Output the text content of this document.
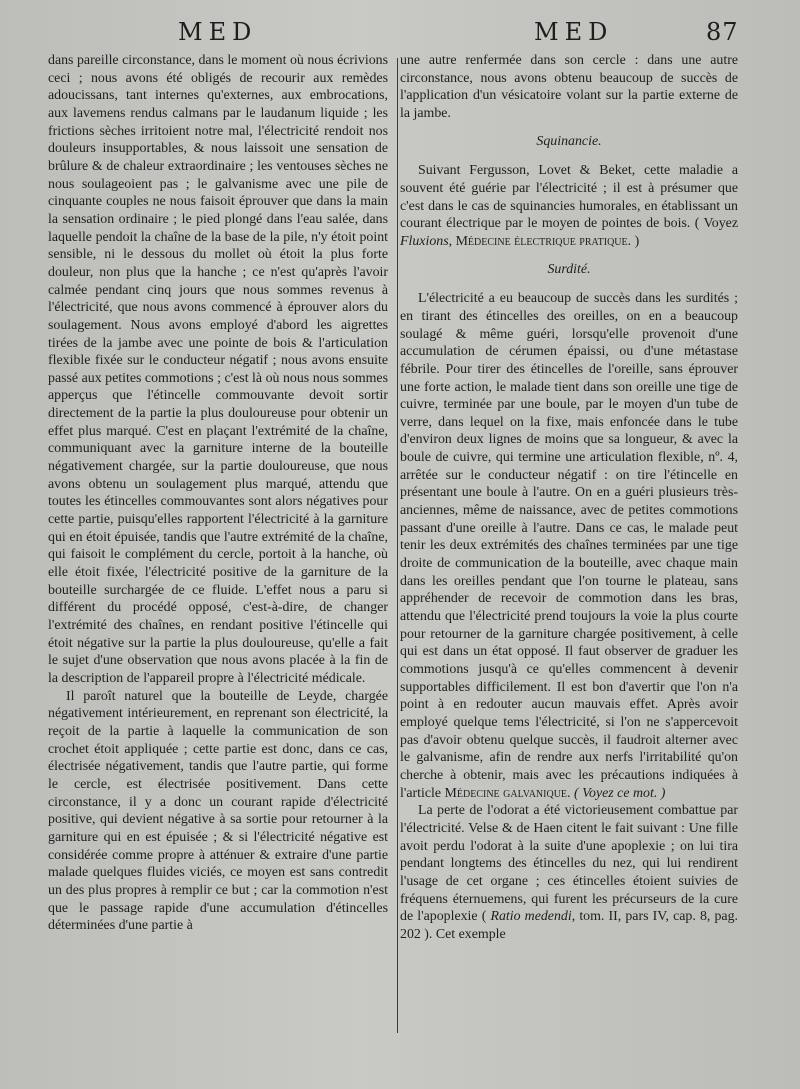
MED	MED	87

dans pareille circonstance, dans le moment où nous écrivions ceci ; nous avons été obligés de recourir aux remèdes adoucissans, tant internes qu'externes, aux embrocations, aux lavemens rendus calmans par le laudanum liquide ; les frictions sèches irritoient notre mal, l'électricité rendoit nos douleurs insupportables, & nous laissoit une sensation de brûlure & de chaleur extraordinaire ; les ventouses sèches ne nous soulageoient pas ; le galvanisme avec une pile de cinquante couples ne nous faisoit éprouver que dans la main la sensation ordinaire ; le pied plongé dans l'eau salée, dans laquelle pendoit la chaîne de la base de la pile, n'y étoit point sensible, ni le dessous du mollet où étoit la plus forte douleur, non plus que la hanche ; ce n'est qu'après l'avoir calmée pendant cinq jours que nous sommes revenus à l'électricité, que nous avons commencé à éprouver alors du soulagement. Nous avons employé d'abord les aigrettes tirées de la jambe avec une pointe de bois & l'articulation flexible fixée sur le conducteur négatif ; nous avons ensuite passé aux petites commotions ; c'est là où nous nous sommes apperçus que l'étincelle commouvante devoit sortir directement de la partie la plus douloureuse pour obtenir un effet plus marqué. C'est en plaçant l'extrémité de la chaîne, communiquant avec la garniture interne de la bouteille négativement chargée, sur la partie douloureuse, que nous avons obtenu un soulagement plus marqué, attendu que toutes les étincelles commouvantes sont alors négatives pour cette partie, puisqu'elles rapportent l'électricité à la garniture qui en étoit épuisée, tandis que l'autre extrémité de la chaîne, qui faisoit le complément du cercle, portoit à la hanche, où elle étoit fixée, l'électricité positive de la garniture de la bouteille surchargée de ce fluide. L'effet nous a paru si différent du procédé opposé, c'est-à-dire, de changer l'extrémité des chaînes, en rendant positive l'étincelle qui étoit négative sur la partie la plus douloureuse, qu'elle a fait le sujet d'une observation que nous avons placée à la fin de la description de l'appareil propre à l'électricité médicale.

Il paroît naturel que la bouteille de Leyde, chargée négativement intérieurement, en reprenant son électricité, la reçoit de la partie à laquelle la communication de son crochet étoit appliquée ; cette partie est donc, dans ce cas, électrisée négativement, tandis que l'autre partie, qui forme le cercle, est électrisée positivement. Dans cette circonstance, il y a donc un courant rapide d'électricité positive, qui devient négative à sa sortie pour retourner à la garniture qui en est épuisée ; & si l'électricité négative est considérée comme propre à atténuer & extraire d'une partie malade quelques fluides viciés, ce moyen est sans contredit un des plus propres à remplir ce but ; car la commotion n'est que le passage rapide d'une accumulation d'étincelles déterminées d'une partie à

une autre renfermée dans son cercle : dans une autre circonstance, nous avons obtenu beaucoup de succès de l'application d'un vésicatoire volant sur la partie externe de la jambe.

Squinancie.

Suivant Fergusson, Lovet & Beket, cette maladie a souvent été guérie par l'électricité ; il est à présumer que c'est dans le cas de squinancies humorales, en établissant un courant électrique par le moyen de pointes de bois. ( Voyez Fluxions, Médecine électrique pratique. )

Surdité.

L'électricité a eu beaucoup de succès dans les surdités ; en tirant des étincelles des oreilles, on en a beaucoup soulagé & même guéri, lorsqu'elle provenoit d'une accumulation de cérumen épaissi, ou d'une métastase fébrile. Pour tirer des étincelles de l'oreille, sans éprouver une forte action, le malade tient dans son oreille une tige de cuivre, terminée par une boule, par le moyen d'un tube de verre, dans lequel on la fixe, mais enfoncée dans le tube d'environ deux lignes de moins que sa longueur, & avec la boule de cuivre, qui termine une articulation flexible, nº. 4, arrêtée sur le conducteur négatif : on tire l'étincelle en présentant une boule à l'autre. On en a guéri plusieurs très-anciennes, même de naissance, avec de petites commotions passant d'une oreille à l'autre. Dans ce cas, le malade peut tenir les deux extrémités des chaînes terminées par une tige droite de communication de la bouteille, avec chaque main dans les oreilles pendant que l'on tourne le plateau, sans appréhender de recevoir de commotion dans les bras, attendu que l'électricité prend toujours la voie la plus courte pour retourner de la garniture chargée positivement, à celle qui est dans un état opposé. Il faut observer de graduer les commotions jusqu'à ce qu'elles commencent à devenir supportables difficilement. Il est bon d'avertir que l'on n'a point à en redouter aucun mauvais effet. Après avoir employé quelque tems l'électricité, si l'on ne s'appercevoit pas d'avoir obtenu quelque succès, il faudroit alterner avec le galvanisme, afin de rendre aux nerfs l'irritabilité qu'on cherche à obtenir, mais avec les précautions indiquées à l'article Médecine galvanique. ( Voyez ce mot. )

La perte de l'odorat a été victorieusement combattue par l'électricité. Velse & de Haen citent le fait suivant : Une fille avoit perdu l'odorat à la suite d'une apoplexie ; on lui tira pendant longtems des étincelles du nez, qui lui rendirent l'usage de cet organe ; ces étincelles étoient suivies de fréquens éternuemens, qui furent les précurseurs de la cure de l'apoplexie ( Ratio medendi, tom. II, pars IV, cap. 8, pag. 202 ). Cet exemple
